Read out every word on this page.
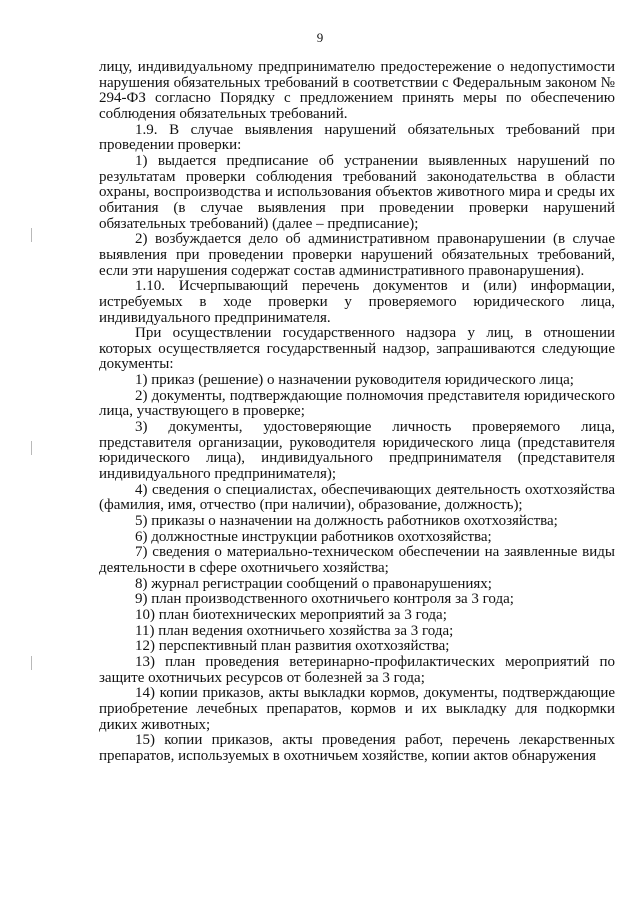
9

лицу, индивидуальному предпринимателю предостережение о недопустимости нарушения обязательных требований в соответствии с Федеральным законом № 294-ФЗ согласно Порядку с предложением принять меры по обеспечению соблюдения обязательных требований.

1.9. В случае выявления нарушений обязательных требований при проведении проверки:

1) выдается предписание об устранении выявленных нарушений по результатам проверки соблюдения требований законодательства в области охраны, воспроизводства и использования объектов животного мира и среды их обитания (в случае выявления при проведении проверки нарушений обязательных требований) (далее – предписание);

2) возбуждается дело об административном правонарушении (в случае выявления при проведении проверки нарушений обязательных требований, если эти нарушения содержат состав административного правонарушения).

1.10. Исчерпывающий перечень документов и (или) информации, истребуемых в ходе проверки у проверяемого юридического лица, индивидуального предпринимателя.

При осуществлении государственного надзора у лиц, в отношении которых осуществляется государственный надзор, запрашиваются следующие документы:

1) приказ (решение) о назначении руководителя юридического лица;

2) документы, подтверждающие полномочия представителя юридического лица, участвующего в проверке;

3) документы, удостоверяющие личность проверяемого лица, представителя организации, руководителя юридического лица (представителя юридического лица), индивидуального предпринимателя (представителя индивидуального предпринимателя);

4) сведения о специалистах, обеспечивающих деятельность охотхозяйства (фамилия, имя, отчество (при наличии), образование, должность);

5) приказы о назначении на должность работников охотхозяйства;

6) должностные инструкции работников охотхозяйства;

7) сведения о материально-техническом обеспечении на заявленные виды деятельности в сфере охотничьего хозяйства;

8) журнал регистрации сообщений о правонарушениях;

9) план производственного охотничьего контроля за 3 года;

10) план биотехнических мероприятий за 3 года;

11) план ведения охотничьего хозяйства за 3 года;

12) перспективный план развития охотхозяйства;

13) план проведения ветеринарно-профилактических мероприятий по защите охотничьих ресурсов от болезней за 3 года;

14) копии приказов, акты выкладки кормов, документы, подтверждающие приобретение лечебных препаратов, кормов и их выкладку для подкормки диких животных;

15) копии приказов, акты проведения работ, перечень лекарственных препаратов, используемых в охотничьем хозяйстве, копии актов обнаружения
